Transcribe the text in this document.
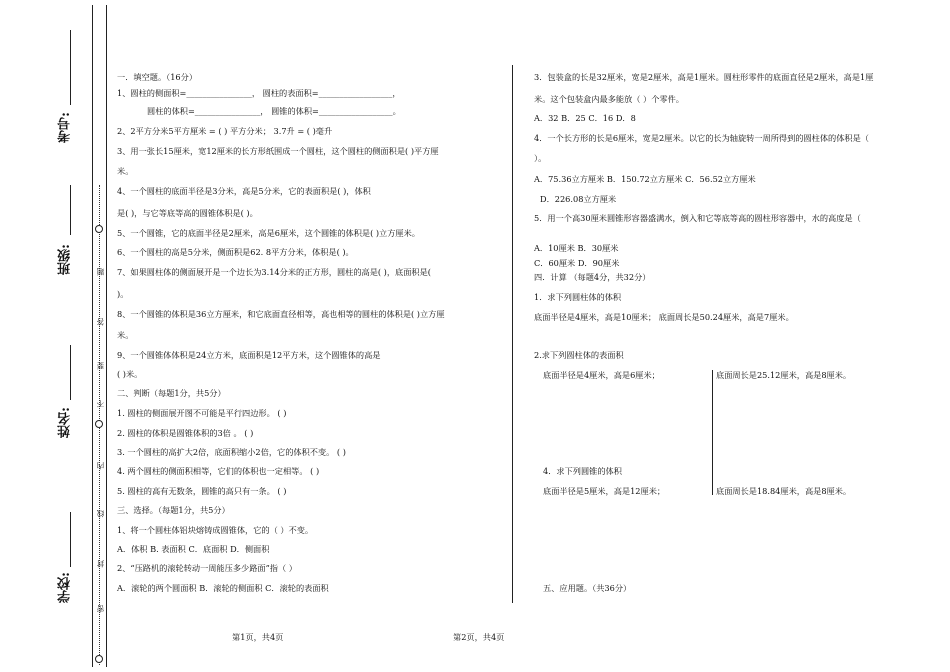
题
答
要
不
内
线
封
密
考号:
班级:
姓名:
学校:
一．填空题。（16分）
1、圆柱的侧面积=________________， 圆柱的表面积=__________________，
圆柱的体积=________________， 圆锥的体积=__________________。
2、2平方分米5平方厘米 = ( ) 平方分米； 3.7升 = ( )毫升
3、用一张长15厘米，宽12厘米的长方形纸围成一个圆柱，这个圆柱的侧面积是( )平方厘
米。
4、一个圆柱的底面半径是3分米，高是5分米，它的表面积是( )，体积
是( )，与它等底等高的圆锥体积是( )。
5、一个圆锥，它的底面半径是2厘米，高是6厘米，这个圆锥的体积是( )立方厘米。
6、一个圆柱的高是5分米，侧面积是62. 8平方分米，体积是( )。
7、如果圆柱体的侧面展开是一个边长为3.14分米的正方形，圆柱的高是( )，底面积是(
)。
8、一个圆锥的体积是36立方厘米，和它底面直径相等，高也相等的圆柱的体积是( )立方厘
米。
9、一个圆锥体体积是24立方米，底面积是12平方米，这个圆锥体的高是
( )米。
二、判断（每题1分，共5分）
1. 圆柱的侧面展开图不可能是平行四边形。 ( )
2. 圆柱的体积是圆锥体积的3倍 。 ( )
3. 一个圆柱的高扩大2倍，底面积缩小2倍，它的体积不变。 ( )
4. 两个圆柱的侧面积相等，它们的体积也一定相等。 ( )
5. 圆柱的高有无数条，圆锥的高只有一条。 ( )
三、选择。（每题1分，共5分）
1、将一个圆柱体铝块熔铸成圆锥体，它的（ ）不变。
A．体积 B. 表面积 C．底面积 D．侧面积
2、“压路机的滚轮转动一周能压多少路面”指（ ）
A．滚轮的两个圆面积 B．滚轮的侧面积 C．滚轮的表面积
3．包装盒的长是32厘米，宽是2厘米，高是1厘米。圆柱形零件的底面直径是2厘米，高是1厘
米。这个包装盒内最多能放（ ）个零件。
A．32 B．25 C．16 D．8
4．一个长方形的长是6厘米，宽是2厘米。以它的长为轴旋转一周所得到的圆柱体的体积是（
）。
A．75.36立方厘米 B．150.72立方厘米 C．56.52立方厘米
D．226.08立方厘米
5．用一个高30厘米圆锥形容器盛满水，倒入和它等底等高的圆柱形容器中，水的高度是（
A．10厘米 B．30厘米
C．60厘米 D．90厘米
四．计算 （每题4分，共32分）
1．求下列圆柱体的体积
底面半径是4厘米，高是10厘米； 底面周长是50.24厘米，高是7厘米。
2.求下列圆柱体的表面积
底面半径是4厘米，高是6厘米；	底面周长是25.12厘米，高是8厘米。
4．求下列圆锥的体积
底面半径是5厘米，高是12厘米；	底面周长是18.84厘米，高是8厘米。
五、应用题。（共36分）
第1页，共4页	第2页，共4页
